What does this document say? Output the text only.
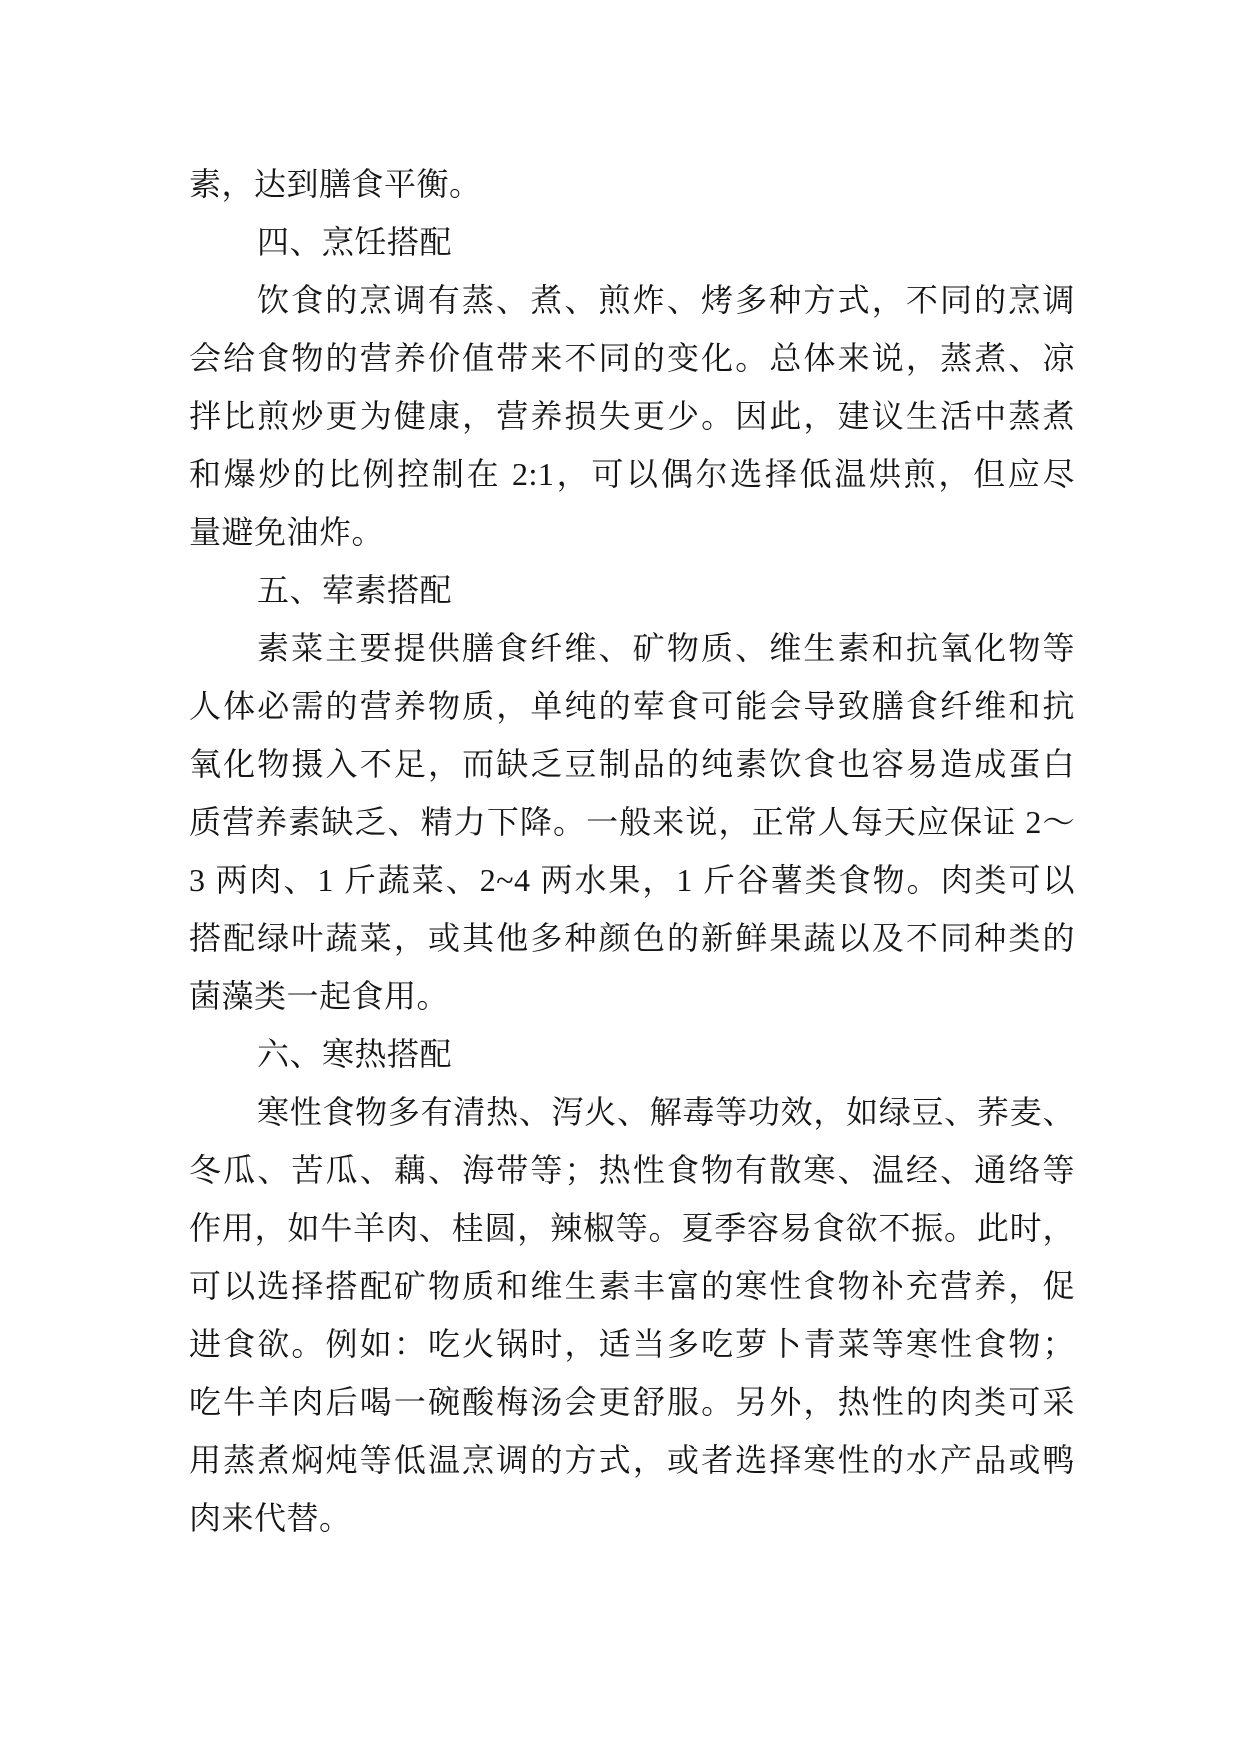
素，达到膳食平衡。
四、烹饪搭配
饮食的烹调有蒸、煮、煎炸、烤多种方式，不同的烹调
会给食物的营养价值带来不同的变化。总体来说，蒸煮、凉
拌比煎炒更为健康，营养损失更少。因此，建议生活中蒸煮
和爆炒的比例控制在 2:1，可以偶尔选择低温烘煎，但应尽
量避免油炸。
五、荤素搭配
素菜主要提供膳食纤维、矿物质、维生素和抗氧化物等
人体必需的营养物质，单纯的荤食可能会导致膳食纤维和抗
氧化物摄入不足，而缺乏豆制品的纯素饮食也容易造成蛋白
质营养素缺乏、精力下降。一般来说，正常人每天应保证 2～
3 两肉、1 斤蔬菜、2~4 两水果，1 斤谷薯类食物。肉类可以
搭配绿叶蔬菜，或其他多种颜色的新鲜果蔬以及不同种类的
菌藻类一起食用。
六、寒热搭配
寒性食物多有清热、泻火、解毒等功效，如绿豆、荞麦、
冬瓜、苦瓜、藕、海带等；热性食物有散寒、温经、通络等
作用，如牛羊肉、桂圆，辣椒等。夏季容易食欲不振。此时，
可以选择搭配矿物质和维生素丰富的寒性食物补充营养，促
进食欲。例如：吃火锅时，适当多吃萝卜青菜等寒性食物；
吃牛羊肉后喝一碗酸梅汤会更舒服。另外，热性的肉类可采
用蒸煮焖炖等低温烹调的方式，或者选择寒性的水产品或鸭
肉来代替。
